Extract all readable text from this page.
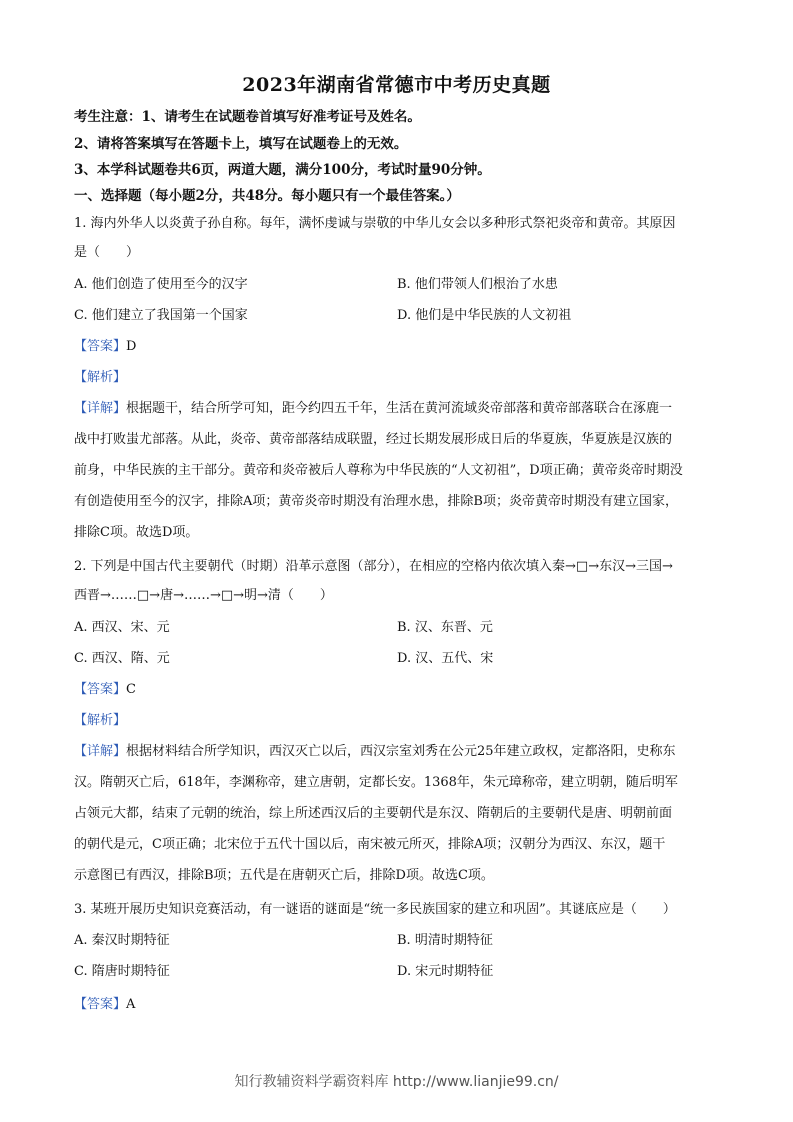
2023年湖南省常德市中考历史真题
考生注意：1、请考生在试题卷首填写好准考证号及姓名。
2、请将答案填写在答题卡上，填写在试题卷上的无效。
3、本学科试题卷共6页，两道大题，满分100分，考试时量90分钟。
一、选择题（每小题2分，共48分。每小题只有一个最佳答案。）
1. 海内外华人以炎黄子孙自称。每年，满怀虔诚与崇敬的中华儿女会以多种形式祭祀炎帝和黄帝。其原因
是（　　）
A. 他们创造了使用至今的汉字	B. 他们带领人们根治了水患
C. 他们建立了我国第一个国家	D. 他们是中华民族的人文初祖
【答案】D
【解析】
【详解】根据题干，结合所学可知，距今约四五千年，生活在黄河流域炎帝部落和黄帝部落联合在涿鹿一
战中打败蚩尤部落。从此，炎帝、黄帝部落结成联盟，经过长期发展形成日后的华夏族，华夏族是汉族的
前身，中华民族的主干部分。黄帝和炎帝被后人尊称为中华民族的“人文初祖”，D项正确；黄帝炎帝时期没
有创造使用至今的汉字，排除A项；黄帝炎帝时期没有治理水患，排除B项；炎帝黄帝时期没有建立国家，
排除C项。故选D项。
2. 下列是中国古代主要朝代（时期）沿革示意图（部分），在相应的空格内依次填入秦→□→东汉→三国→
西晋→……□→唐→……→□→明→清（　　）
A. 西汉、宋、元	B. 汉、东晋、元
C. 西汉、隋、元	D. 汉、五代、宋
【答案】C
【解析】
【详解】根据材料结合所学知识，西汉灭亡以后，西汉宗室刘秀在公元25年建立政权，定都洛阳，史称东
汉。隋朝灭亡后，618年，李渊称帝，建立唐朝，定都长安。1368年，朱元璋称帝，建立明朝，随后明军
占领元大都，结束了元朝的统治，综上所述西汉后的主要朝代是东汉、隋朝后的主要朝代是唐、明朝前面
的朝代是元，C项正确；北宋位于五代十国以后，南宋被元所灭，排除A项；汉朝分为西汉、东汉，题干
示意图已有西汉，排除B项；五代是在唐朝灭亡后，排除D项。故选C项。
3. 某班开展历史知识竞赛活动，有一谜语的谜面是“统一多民族国家的建立和巩固”。其谜底应是（　　）
A. 秦汉时期特征	B. 明清时期特征
C. 隋唐时期特征	D. 宋元时期特征
【答案】A
知行教辅资料学霸资料库 http://www.lianjie99.cn/
